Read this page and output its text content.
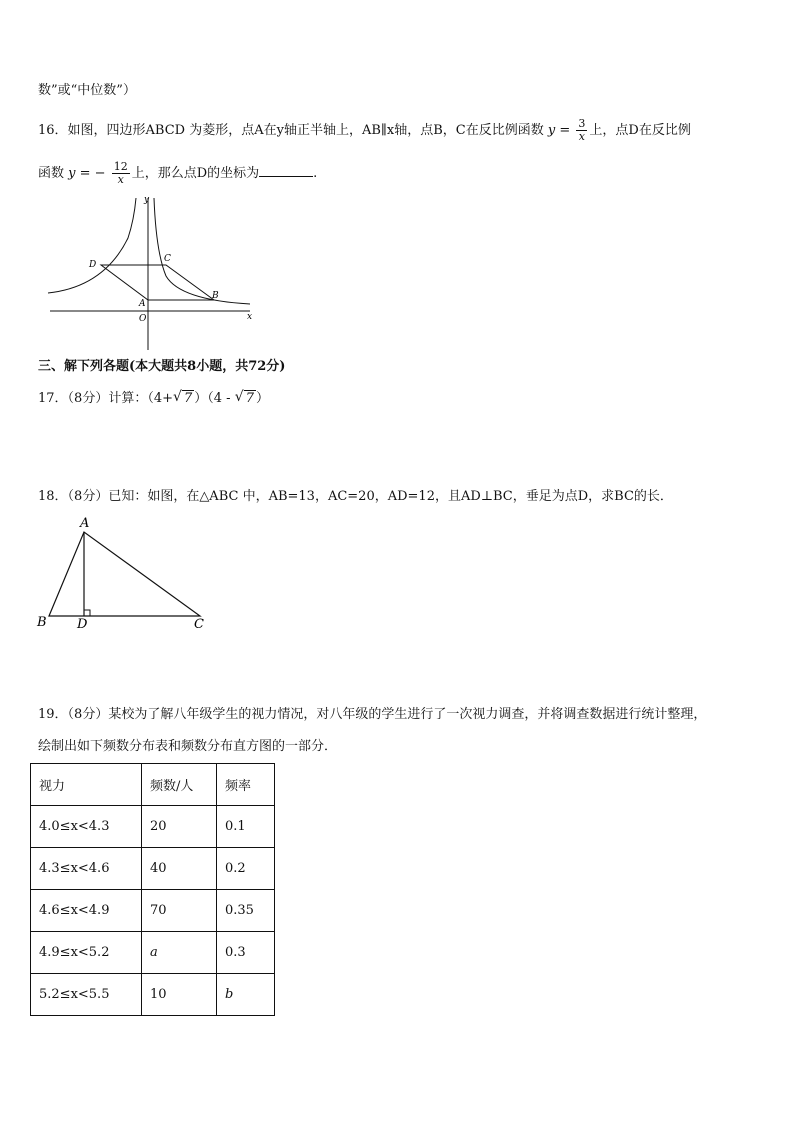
数”或“中位数”）
16．如图，四边形ABCD 为菱形，点A在y轴正半轴上，AB∥x轴，点B，C在反比例函数 $y = \frac{3}{x}$ 上，点D在反比例
函数 y = − $\frac{12}{x}$ 上，那么点D的坐标为	.
y
x
O
A
B
C
D
三、解下列各题(本大题共8小题，共72分)
17．（8分）计算：（4+ √ 7 ）（4 - √ 7 ）
18．（8分）已知：如图，在△ABC 中，AB=13，AC=20，AD=12，且AD⊥BC，垂足为点D，求BC的长．
A
B D	C
19．（8分）某校为了解八年级学生的视力情况，对八年级的学生进行了一次视力调查，并将调查数据进行统计整理，
绘制出如下频数分布表和频数分布直方图的一部分．
视力	频数/人	频率
4.0≤x<4.3	20	0.1
4.3≤x<4.6	40	0.2
4.6≤x<4.9	70	0.35
4.9≤x<5.2	a	0.3
5.2≤x<5.5	10	b
